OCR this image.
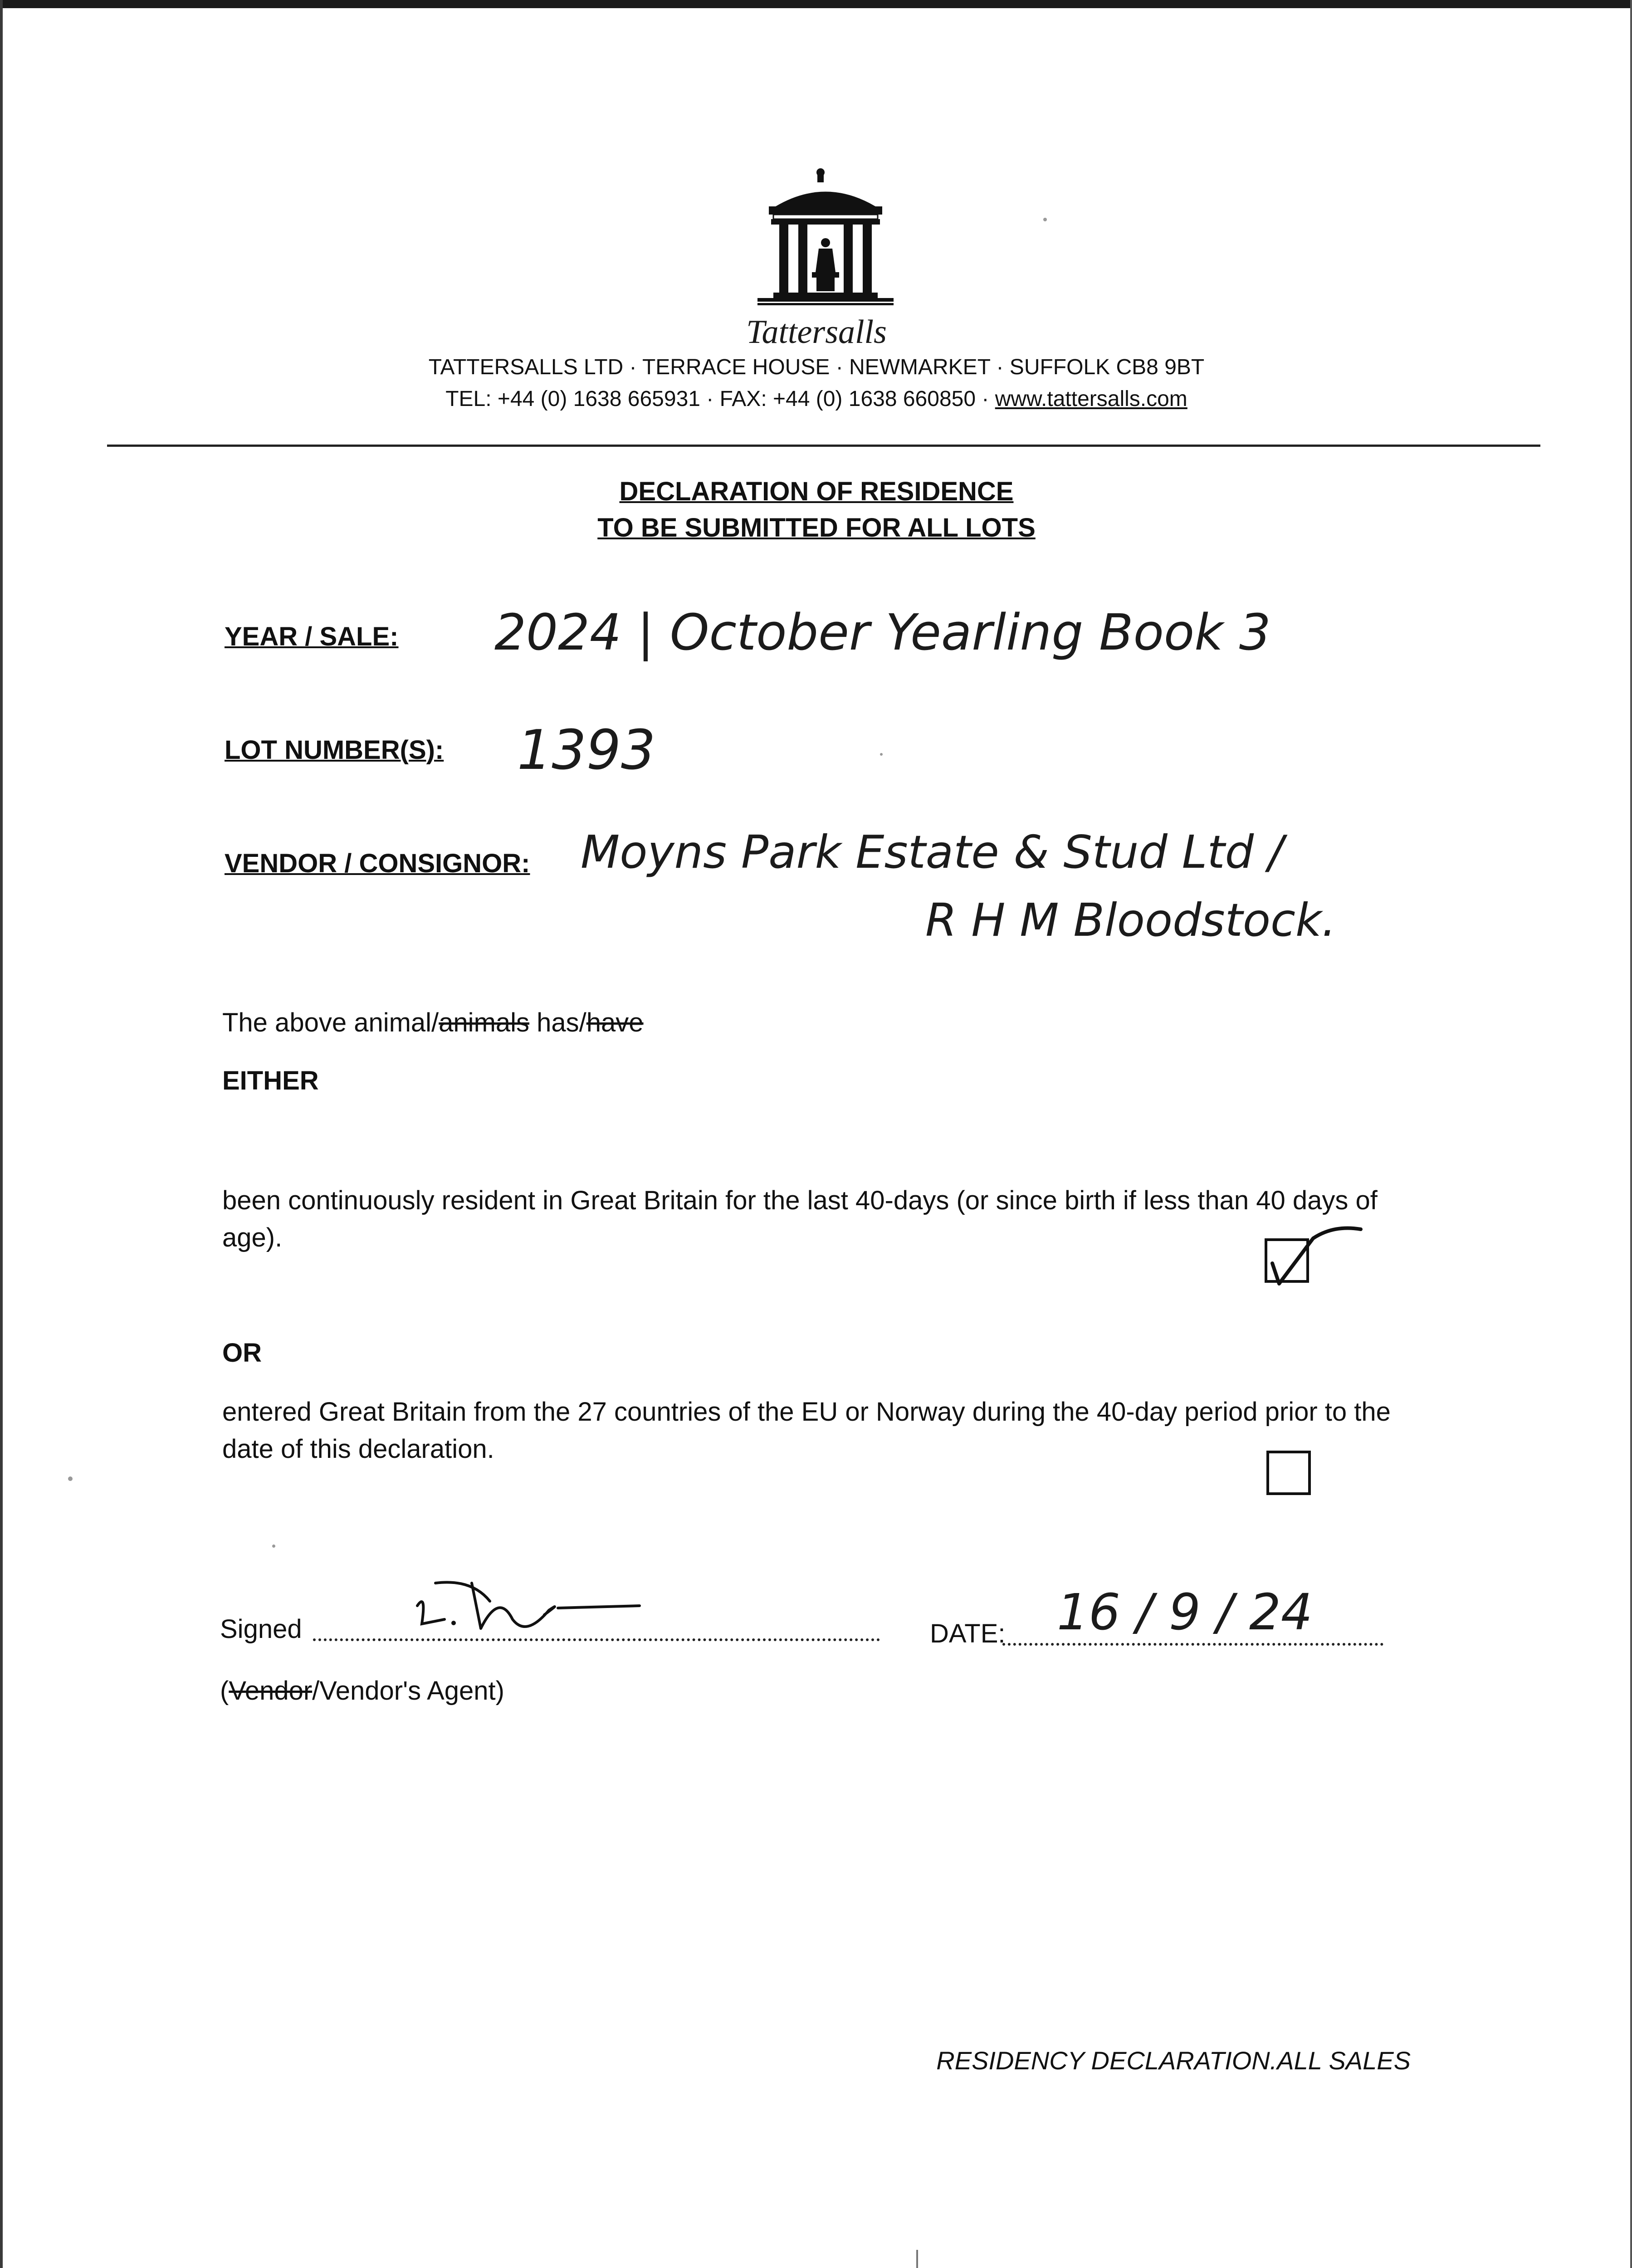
Tattersalls
TATTERSALLS LTD · TERRACE HOUSE · NEWMARKET · SUFFOLK CB8 9BT
TEL: +44 (0) 1638 665931 · FAX: +44 (0) 1638 660850 · www.tattersalls.com
DECLARATION OF RESIDENCE
TO BE SUBMITTED FOR ALL LOTS
YEAR / SALE: 2024 | October Yearling Book 3
LOT NUMBER(S): 1393
VENDOR / CONSIGNOR: Moyns Park Estate & Stud Ltd /
R H M Bloodstock.
The above animal/animals has/have
EITHER
been continuously resident in Great Britain for the last 40-days (or since birth if less than 40 days of age).
OR
entered Great Britain from the 27 countries of the EU or Norway during the 40-day period prior to the date of this declaration.
Signed	DATE: 16 / 9 / 24
(Vendor/Vendor's Agent)
RESIDENCY DECLARATION.ALL SALES
